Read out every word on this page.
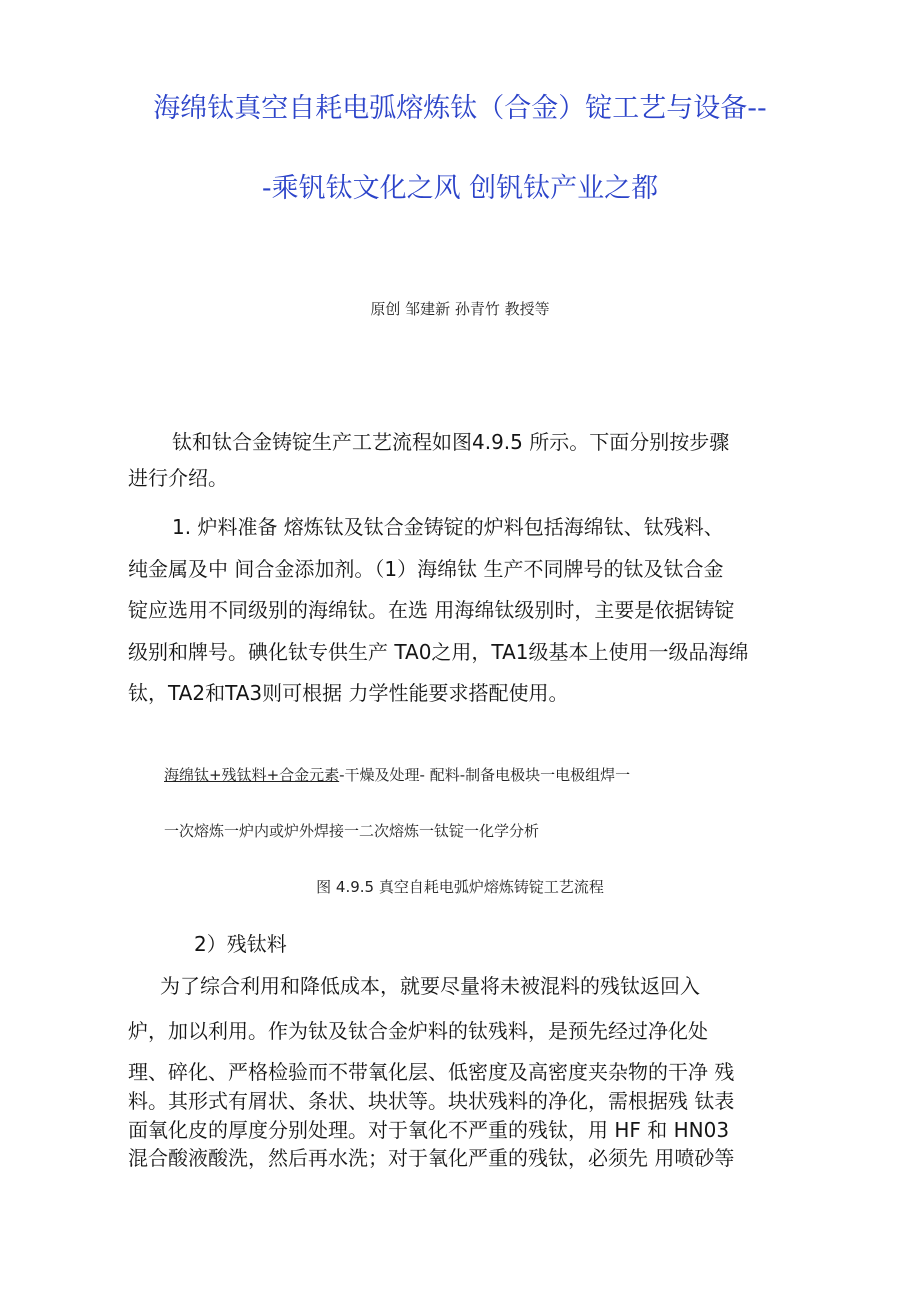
海绵钛真空自耗电弧熔炼钛（合金）锭工艺与设备--
-乘钒钛文化之风 创钒钛产业之都
原创 邹建新 孙青竹 教授等
钛和钛合金铸锭生产工艺流程如图4.9.5 所示。下面分别按步骤
进行介绍。
1. 炉料准备 熔炼钛及钛合金铸锭的炉料包括海绵钛、钛残料、
纯金属及中 间合金添加剂。（1）海绵钛 生产不同牌号的钛及钛合金
锭应选用不同级别的海绵钛。在选 用海绵钛级别时，主要是依据铸锭
级别和牌号。碘化钛专供生产 TA0之用，TA1级基本上使用一级品海绵
钛，TA2和TA3则可根据 力学性能要求搭配使用。
海绵钛+残钛料+合金元素-干燥及处理- 配料-制备电极块一电极组焊一
一次熔炼一炉内或炉外焊接一二次熔炼一钛锭一化学分析
图 4.9.5 真空自耗电弧炉熔炼铸锭工艺流程
2）残钛料
为了综合利用和降低成本，就要尽量将未被混料的残钛返回入
炉，加以利用。作为钛及钛合金炉料的钛残料，是预先经过净化处
理、碎化、严格检验而不带氧化层、低密度及高密度夹杂物的干净 残
料。其形式有屑状、条状、块状等。块状残料的净化，需根据残 钛表
面氧化皮的厚度分别处理。对于氧化不严重的残钛，用 HF 和 HN03
混合酸液酸洗，然后再水洗；对于氧化严重的残钛，必须先 用喷砂等
